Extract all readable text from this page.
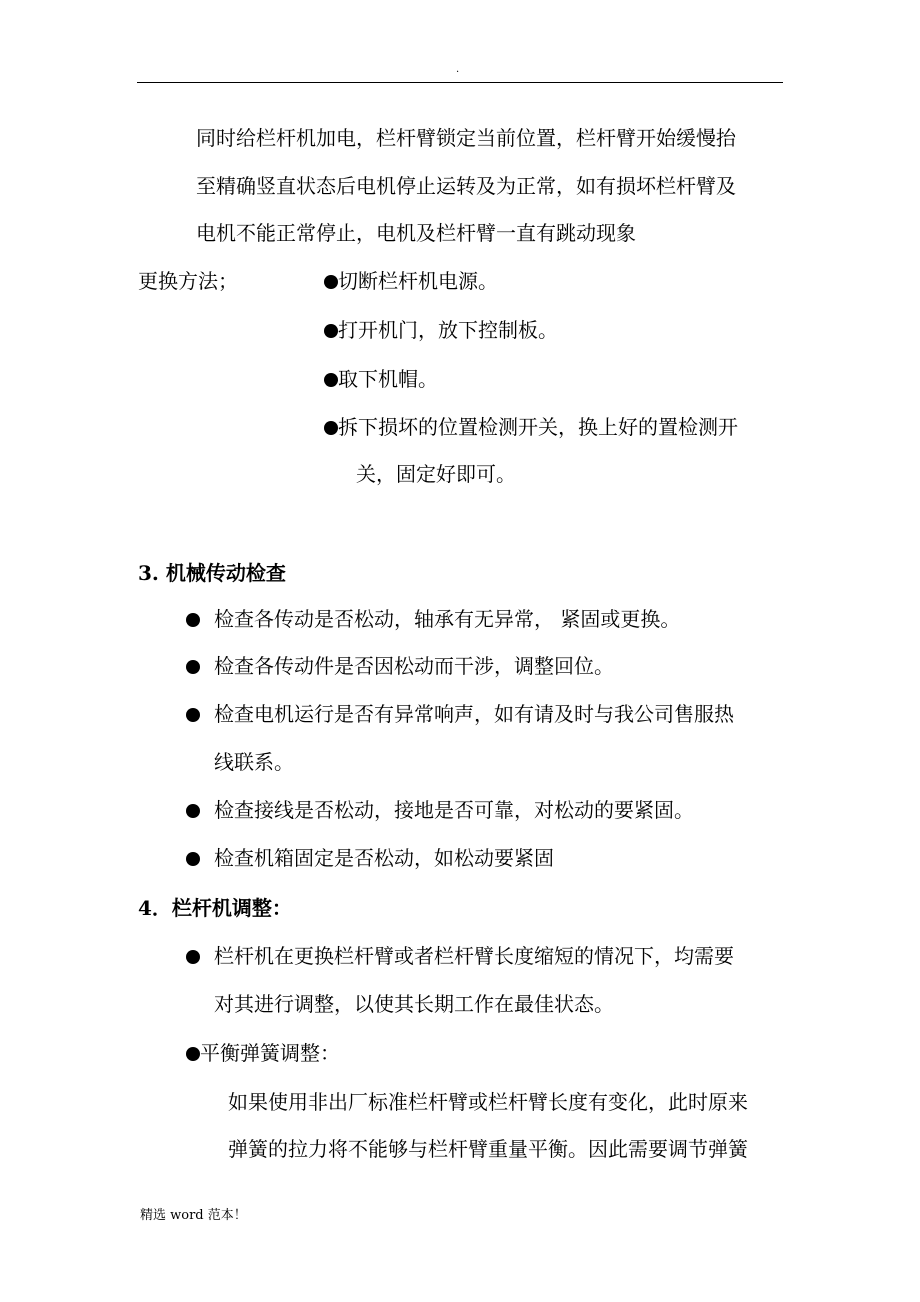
.
同时给栏杆机加电，栏杆臂锁定当前位置，栏杆臂开始缓慢抬
至精确竖直状态后电机停止运转及为正常，如有损坏栏杆臂及
电机不能正常停止，电机及栏杆臂一直有跳动现象
更换方法；	切断栏杆机电源。
打开机门，放下控制板。
取下机帽。
拆下损坏的位置检测开关，换上好的置检测开
关，固定好即可。
3. 机械传动检查
检查各传动是否松动，轴承有无异常， 紧固或更换。
检查各传动件是否因松动而干涉，调整回位。
检查电机运行是否有异常响声，如有请及时与我公司售服热
线联系。
检查接线是否松动，接地是否可靠，对松动的要紧固。
检查机箱固定是否松动，如松动要紧固
4．栏杆机调整：
栏杆机在更换栏杆臂或者栏杆臂长度缩短的情况下，均需要
对其进行调整，以使其长期工作在最佳状态。
平衡弹簧调整：
如果使用非出厂标准栏杆臂或栏杆臂长度有变化，此时原来
弹簧的拉力将不能够与栏杆臂重量平衡。因此需要调节弹簧
精选 word 范本！
